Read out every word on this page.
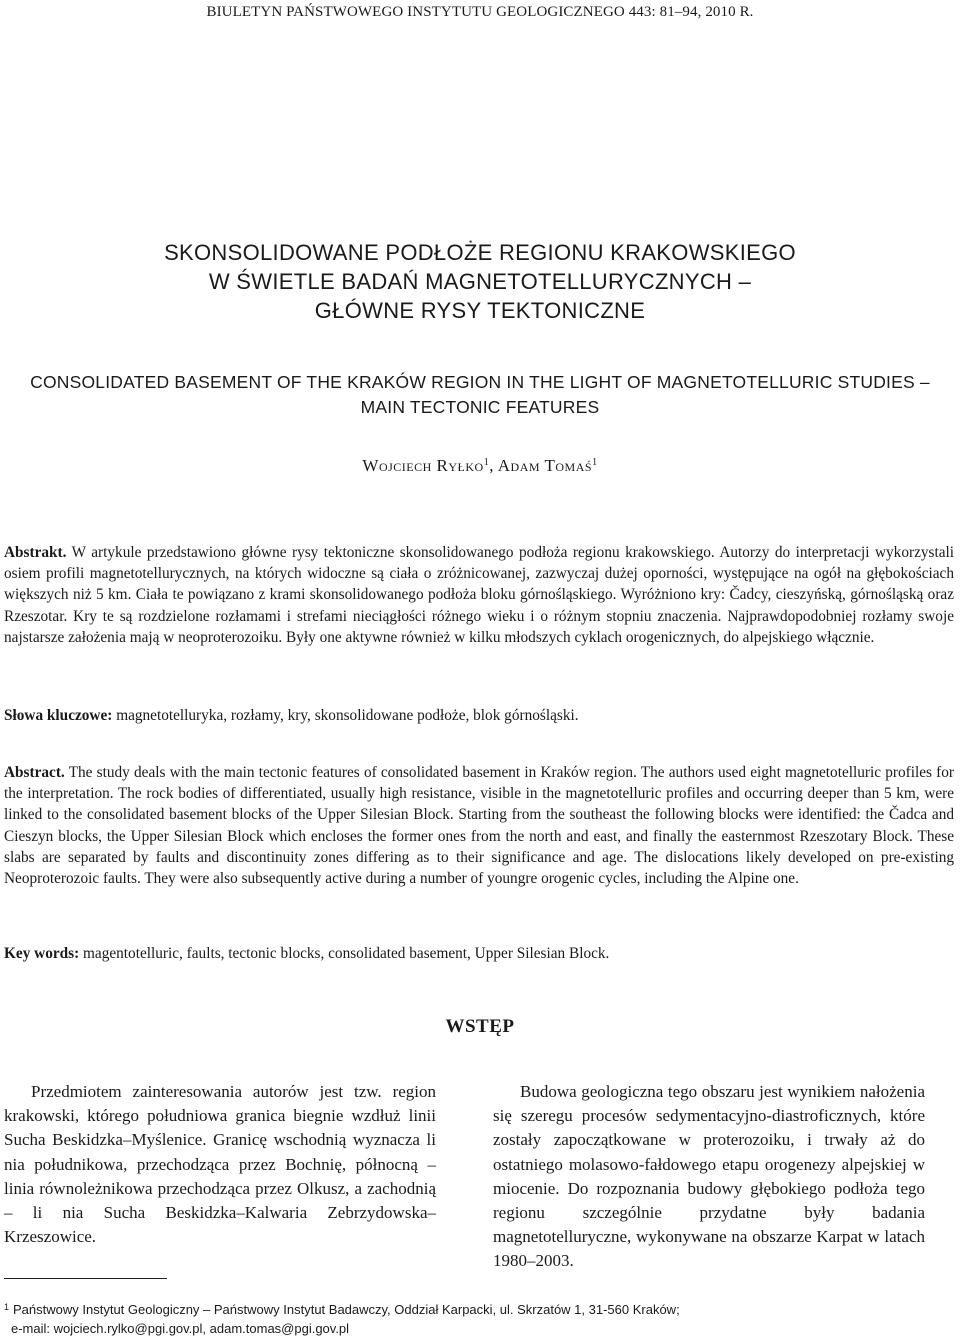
BIULETYN PAŃSTWOWEGO INSTYTUTU GEOLOGICZNEGO 443: 81–94, 2010 R.
SKONSOLIDOWANE PODŁOŻE REGIONU KRAKOWSKIEGO
W ŚWIETLE BADAŃ MAGNETOTELLURYCZNYCH –
GŁÓWNE RYSY TEKTONICZNE
CONSOLIDATED BASEMENT OF THE KRAKÓW REGION IN THE LIGHT OF MAGNETOTELLURIC STUDIES –
MAIN TECTONIC FEATURES
Wojciech Ryłko$^1$, Adam Tomaś$^1$
Abstrakt. W artykule przedstawiono główne rysy tektoniczne skonsolidowanego podłoża regionu krakowskiego. Autorzy do interpretacji wykorzystali osiem profili magnetotellurycznych, na których widoczne są ciała o zróżnicowanej, zazwyczaj dużej oporności, występujące na ogół na głębokościach większych niż 5 km. Ciała te powiązano z krami skonsolidowanego podłoża bloku górnośląskiego. Wyróżniono kry: Čadcy, cieszyńską, górnośląską oraz Rzeszotar. Kry te są rozdzielone rozłamami i strefami nieciągłości różnego wieku i o różnym stopniu znaczenia. Najprawdopodobniej rozłamy swoje najstarsze założenia mają w neoproterozoiku. Były one aktywne również w kilku młodszych cyklach orogenicznych, do alpejskiego włącznie.
Słowa kluczowe: magnetotelluryka, rozłamy, kry, skonsolidowane podłoże, blok górnośląski.
Abstract. The study deals with the main tectonic features of consolidated basement in Kraków region. The authors used eight magnetotelluric profiles for the interpretation. The rock bodies of differentiated, usually high resistance, visible in the magnetotelluric profiles and occurring deeper than 5 km, were linked to the consolidated basement blocks of the Upper Silesian Block. Starting from the southeast the following blocks were identified: the Čadca and Cieszyn blocks, the Upper Silesian Block which encloses the former ones from the north and east, and finally the easternmost Rzeszotary Block. These slabs are separated by faults and discontinuity zones differing as to their significance and age. The dislocations likely developed on pre-existing Neoproterozoic faults. They were also subsequently active during a number of youngre orogenic cycles, including the Alpine one.
Key words: magentotelluric, faults, tectonic blocks, consolidated basement, Upper Silesian Block.
WSTĘP
Przedmiotem zainteresowania autorów jest tzw. region krakowski, którego południowa granica biegnie wzdłuż linii Sucha Beskidzka–Myślenice. Granicę wschodnią wyznacza li nia południkowa, przechodząca przez Bochnię, północną – linia równoleżnikowa przechodząca przez Olkusz, a zachodnią – li nia Sucha Beskidzka–Kalwaria Zebrzydowska–Krzeszowice.
Budowa geologiczna tego obszaru jest wynikiem nałożenia się szeregu procesów sedymentacyjno-diastroficznych, które zostały zapoczątkowane w proterozoiku, i trwały aż do ostatniego molasowo-fałdowego etapu orogenezy alpejskiej w miocenie. Do rozpoznania budowy głębokiego podłoża tego regionu szczególnie przydatne były badania magnetotelluryczne, wykonywane na obszarze Karpat w latach 1980–2003.
$^1$ Państwowy Instytut Geologiczny – Państwowy Instytut Badawczy, Oddział Karpacki, ul. Skrzatów 1, 31-560 Kraków;
e-mail: wojciech.rylko@pgi.gov.pl, adam.tomas@pgi.gov.pl
